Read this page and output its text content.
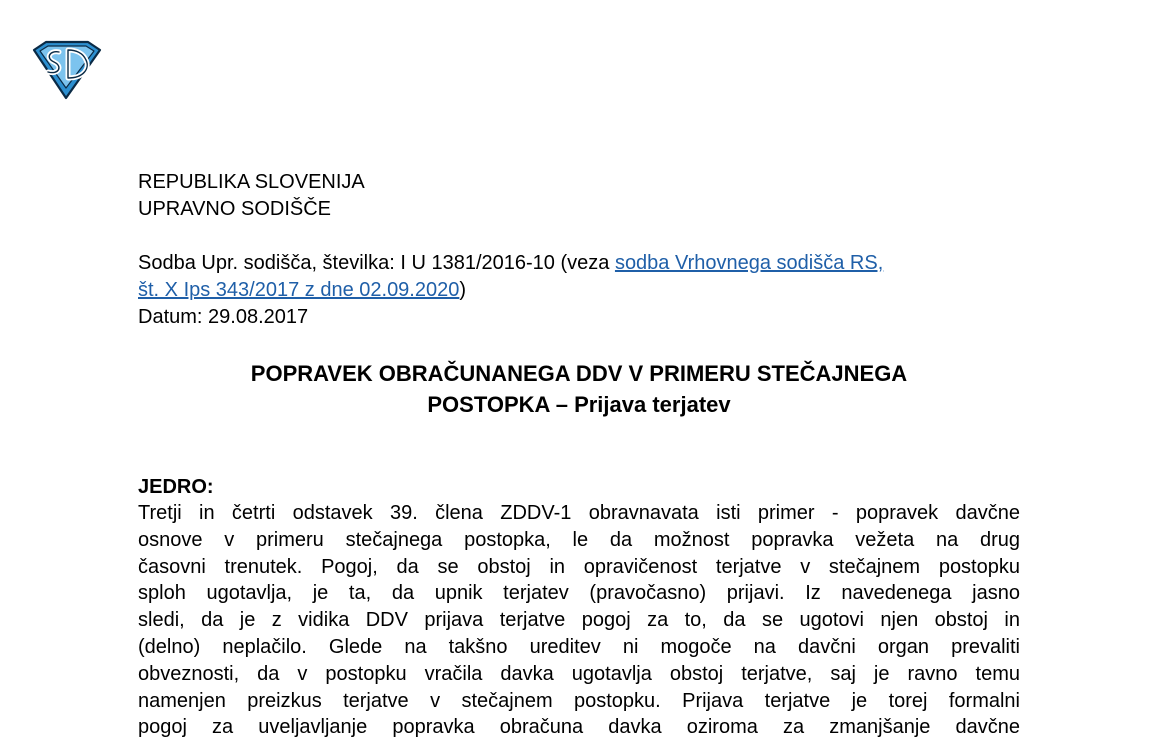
REPUBLIKA SLOVENIJA
UPRAVNO SODIŠČE
Sodba Upr. sodišča, številka: I U 1381/2016-10 (veza sodba Vrhovnega sodišča RS,
št. X Ips 343/2017 z dne 02.09.2020)
Datum: 29.08.2017
POPRAVEK OBRAČUNANEGA DDV V PRIMERU STEČAJNEGA
POSTOPKA – Prijava terjatev
JEDRO:
Tretji in četrti odstavek 39. člena ZDDV-1 obravnavata isti primer - popravek davčne
osnove v primeru stečajnega postopka, le da možnost popravka vežeta na drug
časovni trenutek. Pogoj, da se obstoj in opravičenost terjatve v stečajnem postopku
sploh ugotavlja, je ta, da upnik terjatev (pravočasno) prijavi. Iz navedenega jasno
sledi, da je z vidika DDV prijava terjatve pogoj za to, da se ugotovi njen obstoj in
(delno) neplačilo. Glede na takšno ureditev ni mogoče na davčni organ prevaliti
obveznosti, da v postopku vračila davka ugotavlja obstoj terjatve, saj je ravno temu
namenjen preizkus terjatve v stečajnem postopku. Prijava terjatve je torej formalni
pogoj za uveljavljanje popravka obračuna davka oziroma za zmanjšanje davčne
